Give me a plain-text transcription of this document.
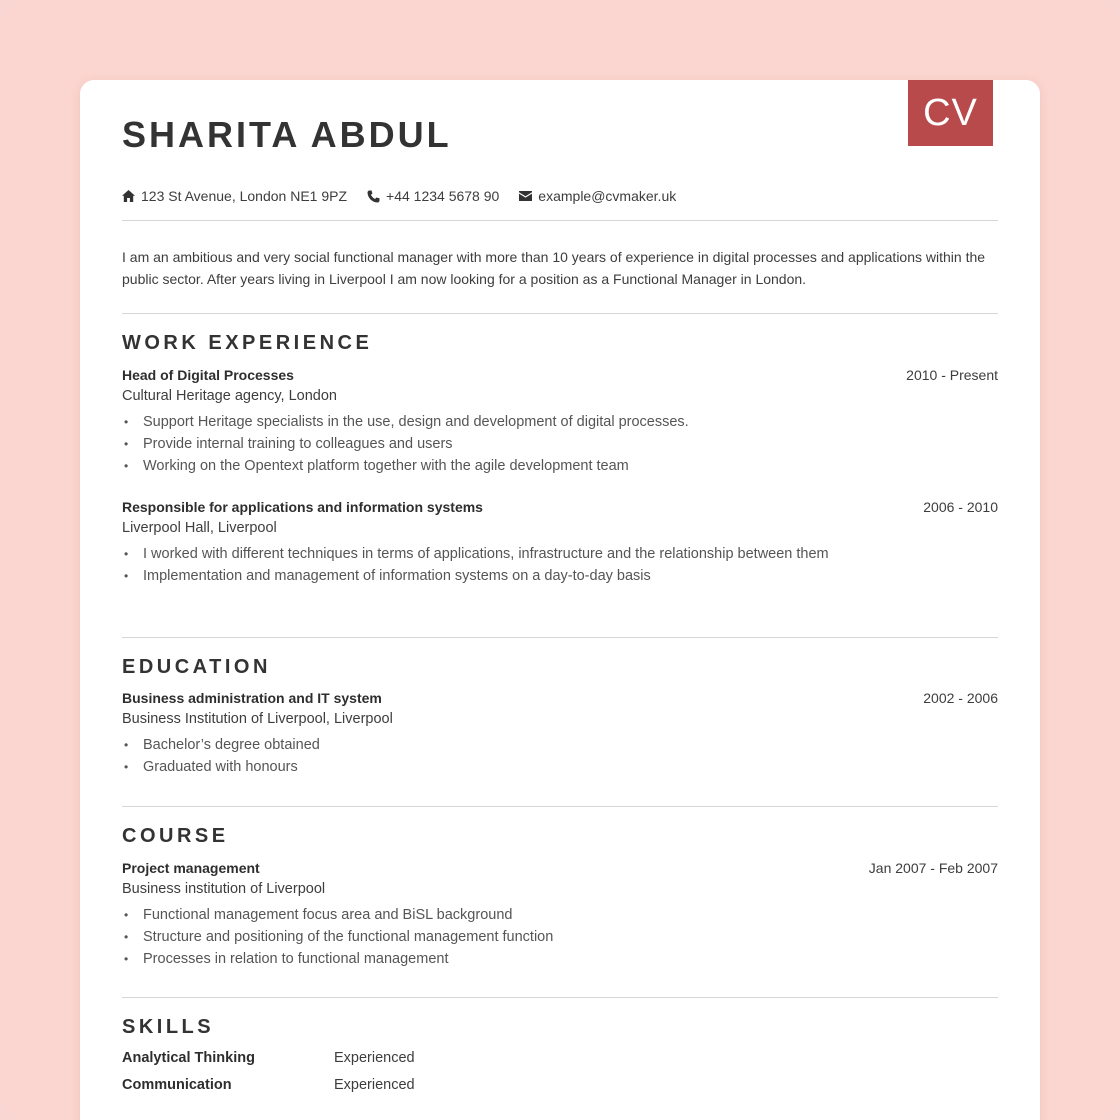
CV
SHARITA ABDUL
123 St Avenue, London NE1 9PZ	+44 1234 5678 90	example@cvmaker.uk
I am an ambitious and very social functional manager with more than 10 years of experience in digital processes and applications within the public sector. After years living in Liverpool I am now looking for a position as a Functional Manager in London.
WORK EXPERIENCE
Head of Digital Processes	2010 - Present
Cultural Heritage agency, London
• Support Heritage specialists in the use, design and development of digital processes.
• Provide internal training to colleagues and users
• Working on the Opentext platform together with the agile development team
Responsible for applications and information systems	2006 - 2010
Liverpool Hall, Liverpool
• I worked with different techniques in terms of applications, infrastructure and the relationship between them
• Implementation and management of information systems on a day-to-day basis
EDUCATION
Business administration and IT system	2002 - 2006
Business Institution of Liverpool, Liverpool
• Bachelor’s degree obtained
• Graduated with honours
COURSE
Project management	Jan 2007 - Feb 2007
Business institution of Liverpool
• Functional management focus area and BiSL background
• Structure and positioning of the functional management function
• Processes in relation to functional management
SKILLS
Analytical Thinking	Experienced
Communication	Experienced
